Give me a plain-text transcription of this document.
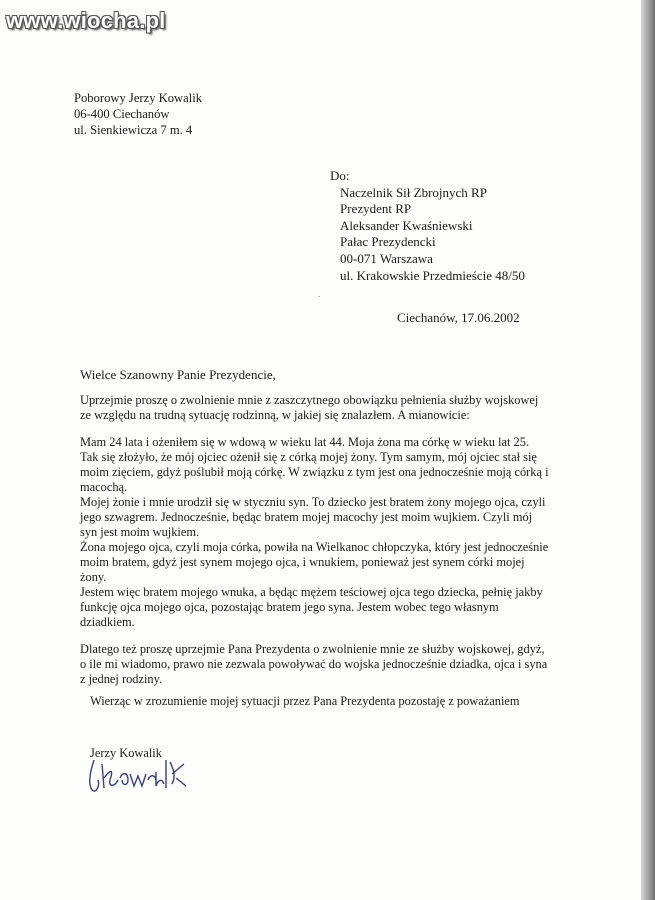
www.wiocha.pl
Poborowy Jerzy Kowalik
06-400 Ciechanów
ul. Sienkiewicza 7 m. 4
Do:
Naczelnik Sił Zbrojnych RP
Prezydent RP
Aleksander Kwaśniewski
Pałac Prezydencki
00-071 Warszawa
ul. Krakowskie Przedmieście 48/50
Ciechanów, 17.06.2002
Wielce Szanowny Panie Prezydencie,

Uprzejmie proszę o zwolnienie mnie z zaszczytnego obowiązku pełnienia służby wojskowej ze względu na trudną sytuację rodzinną, w jakiej się znalazłem. A mianowicie:

Mam 24 lata i ożeniłem się w wdową w wieku lat 44. Moja żona ma córkę w wieku lat 25. Tak się złożyło, że mój ojciec ożenił się z córką mojej żony. Tym samym, mój ojciec stał się moim zięciem, gdyż poślubił moją córkę. W związku z tym jest ona jednocześnie moją córką i macochą.

Mojej żonie i mnie urodził się w styczniu syn. To dziecko jest bratem żony mojego ojca, czyli jego szwagrem. Jednocześnie, będąc bratem mojej macochy jest moim wujkiem. Czyli mój syn jest moim wujkiem.

Żona mojego ojca, czyli moja córka, powiła na Wielkanoc chłopczyka, który jest jednocześnie moim bratem, gdyż jest synem mojego ojca, i wnukiem, ponieważ jest synem córki mojej żony.

Jestem więc bratem mojego wnuka, a będąc mężem teściowej ojca tego dziecka, pełnię jakby funkcję ojca mojego ojca, pozostając bratem jego syna. Jestem wobec tego własnym dziadkiem.

Dlatego też proszę uprzejmie Pana Prezydenta o zwolnienie mnie ze służby wojskowej, gdyż, o ile mi wiadomo, prawo nie zezwala powoływać do wojska jednocześnie dziadka, ojca i syna z jednej rodziny.

Wierząc w zrozumienie mojej sytuacji przez Pana Prezydenta pozostaję z poważaniem
Jerzy Kowalik
